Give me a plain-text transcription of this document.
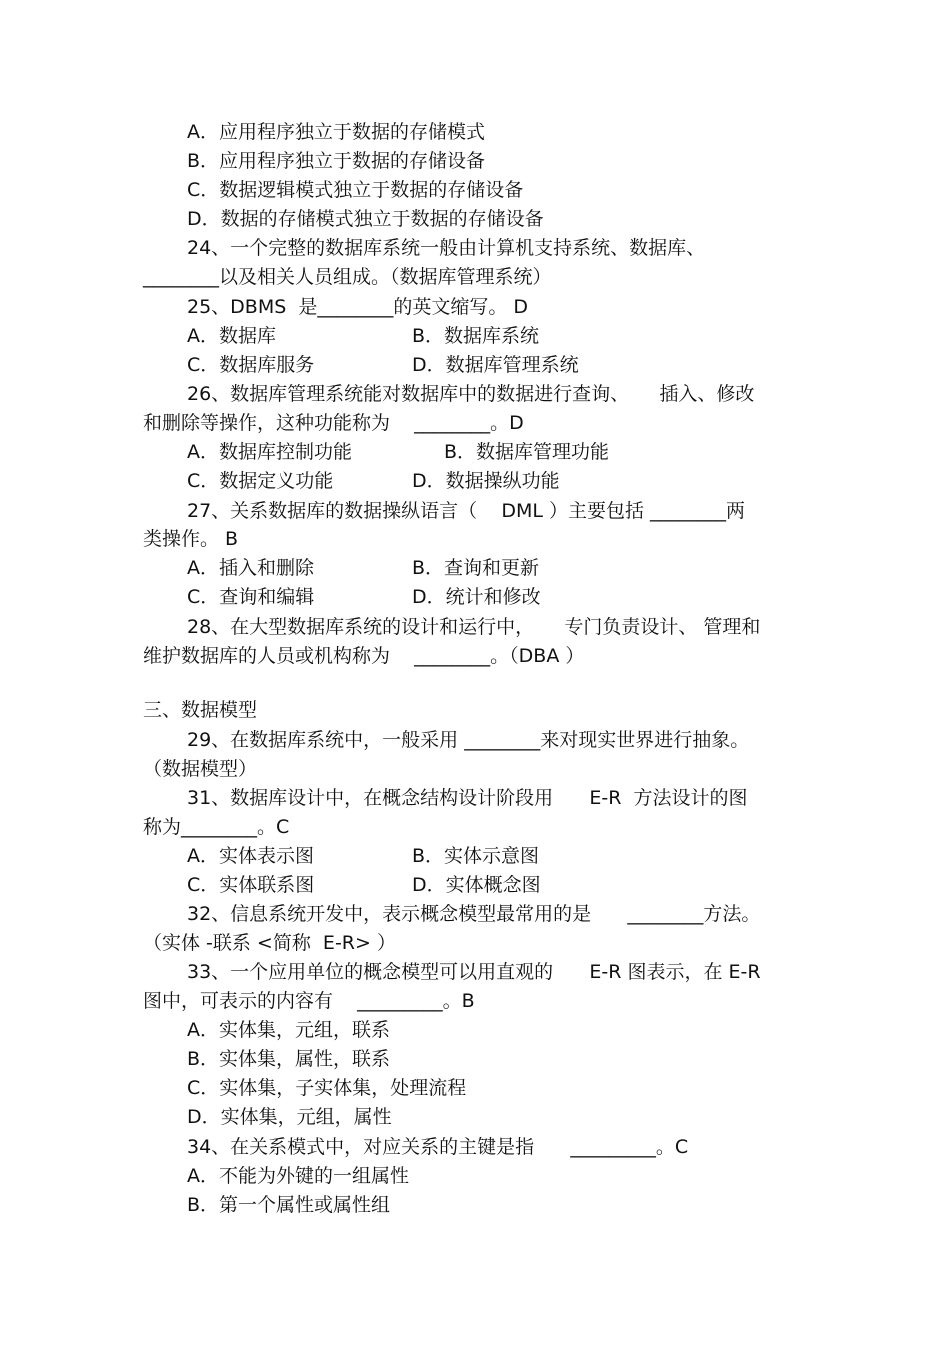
A．应用程序独立于数据的存储模式

B．应用程序独立于数据的存储设备

C．数据逻辑模式独立于数据的存储设备

D．数据的存储模式独立于数据的存储设备

24、一个完整的数据库系统一般由计算机支持系统、数据库、

________以及相关人员组成。（数据库管理系统）

25、DBMS  是________的英文缩写。 D

A．数据库	B．数据库系统

C．数据库服务	D．数据库管理系统

26、数据库管理系统能对数据库中的数据进行查询、     插入、修改

和删除等操作，这种功能称为    ________。D

A．数据库控制功能	B．数据库管理功能

C．数据定义功能	D．数据操纵功能

27、关系数据库的数据操纵语言（    DML ）主要包括 ________两

类操作。 B

A．插入和删除	B．查询和更新

C．查询和编辑	D．统计和修改

28、在大型数据库系统的设计和运行中，     专门负责设计、 管理和

维护数据库的人员或机构称为    ________。（DBA ）

三、数据模型

29、在数据库系统中，一般采用 ________来对现实世界进行抽象。

（数据模型）

31、数据库设计中，在概念结构设计阶段用      E-R  方法设计的图

称为________。C

A．实体表示图	B．实体示意图

C．实体联系图	D．实体概念图

32、信息系统开发中，表示概念模型最常用的是      ________方法。

（实体 -联系 <简称  E-R> ）

33、一个应用单位的概念模型可以用直观的      E-R 图表示，在 E-R

图中，可表示的内容有    _________。B

A．实体集，元组，联系

B．实体集，属性，联系

C．实体集，子实体集，处理流程

D．实体集，元组，属性

34、在关系模式中，对应关系的主键是指      _________。C

A．不能为外键的一组属性

B．第一个属性或属性组
